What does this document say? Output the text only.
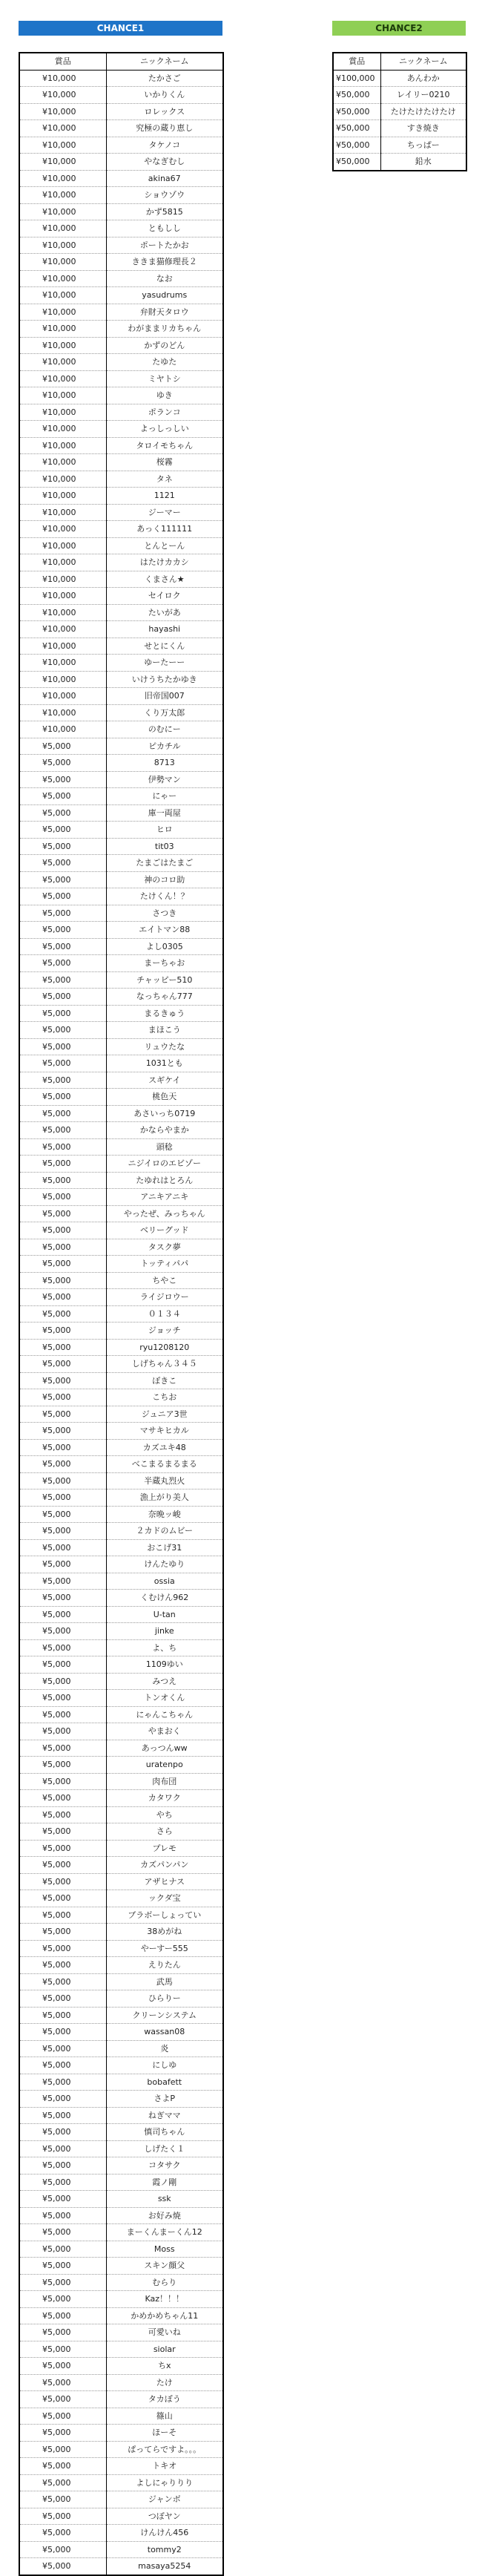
CHANCE1	CHANCE2
賞品	ニックネーム
¥10,000	たかさご
¥10,000	いかりくん
¥10,000	ロレックス
¥10,000	究極の蔵り恵し
¥10,000	タケノコ
¥10,000	やなぎむし
¥10,000	akina67
¥10,000	ショウゾウ
¥10,000	かず5815
¥10,000	ともしし
¥10,000	ポートたかお
¥10,000	ききま猫修理長２
¥10,000	なお
¥10,000	yasudrums
¥10,000	弁財天タロウ
¥10,000	わがままリカちゃん
¥10,000	かずのどん
¥10,000	たゆた
¥10,000	ミヤトシ
¥10,000	ゆき
¥10,000	ポランコ
¥10,000	よっしっしい
¥10,000	タロイモちゃん
¥10,000	桜霧
¥10,000	タネ
¥10,000	1121
¥10,000	ジーマー
¥10,000	あっく111111
¥10,000	とんとーん
¥10,000	はたけカカシ
¥10,000	くまさん★
¥10,000	セイロク
¥10,000	たいがあ
¥10,000	hayashi
¥10,000	せとにくん
¥10,000	ゆーたーー
¥10,000	いけうちたかゆき
¥10,000	旧帝国007
¥10,000	くり万太郎
¥10,000	のむにー
¥5,000	ピカチル
¥5,000	8713
¥5,000	伊勢マン
¥5,000	にゃー
¥5,000	庫一両屋
¥5,000	ヒロ
¥5,000	tit03
¥5,000	たまごはたまご
¥5,000	神のコロ助
¥5,000	たけくん！？
¥5,000	さつき
¥5,000	エイトマン88
¥5,000	よし0305
¥5,000	まーちゃお
¥5,000	チャッピー510
¥5,000	なっちゃん777
¥5,000	まるきゅう
¥5,000	まほこう
¥5,000	リュウたな
¥5,000	1031とも
¥5,000	スギケイ
¥5,000	桃色天
¥5,000	あさいっち0719
¥5,000	かならやまか
¥5,000	頭稔
¥5,000	ニジイロのエビゾー
¥5,000	たゆれはとろん
¥5,000	アニキアニキ
¥5,000	やったぜ、みっちゃん
¥5,000	ベリーグッド
¥5,000	タスク夢
¥5,000	トッティパパ
¥5,000	ちやこ
¥5,000	ライジロウー
¥5,000	０１３４
¥5,000	ジョッチ
¥5,000	ryu1208120
¥5,000	しげちゃん３４５
¥5,000	ぽきこ
¥5,000	こちお
¥5,000	ジュニア3世
¥5,000	マサキヒカル
¥5,000	カズユキ48
¥5,000	べこまるまるまる
¥5,000	半蔵丸烈火
¥5,000	漁上がり美人
¥5,000	奈晩ッ峻
¥5,000	２カドのムビー
¥5,000	おこげ31
¥5,000	けんたゆり
¥5,000	ossia
¥5,000	くむけん962
¥5,000	U-tan
¥5,000	jinke
¥5,000	よ、ち
¥5,000	1109ゆい
¥5,000	みつえ
¥5,000	トンオくん
¥5,000	にゃんこちゃん
¥5,000	やまおく
¥5,000	あっつんww
¥5,000	uratenpo
¥5,000	肉布団
¥5,000	カタワク
¥5,000	やち
¥5,000	さら
¥5,000	プレモ
¥5,000	カズパンパン
¥5,000	アザヒナス
¥5,000	ックダ宝
¥5,000	ブラボーしょってい
¥5,000	38めがね
¥5,000	やーすー555
¥5,000	えりたん
¥5,000	武馬
¥5,000	ひらりー
¥5,000	クリーンシステム
¥5,000	wassan08
¥5,000	炎
¥5,000	にしゆ
¥5,000	bobafett
¥5,000	さよP
¥5,000	ねぎママ
¥5,000	慎司ちゃん
¥5,000	しげたく１
¥5,000	コタサク
¥5,000	霞ノ剛
¥5,000	ssk
¥5,000	お好み焼
¥5,000	まーくんまーくん12
¥5,000	Moss
¥5,000	スキン顔父
¥5,000	むらり
¥5,000	Kaz！！！
¥5,000	かめかめちゃん11
¥5,000	可愛いね
¥5,000	siolar
¥5,000	ちx
¥5,000	たけ
¥5,000	タカぼう
¥5,000	篠山
¥5,000	ほーそ
¥5,000	ぱってらですよ。。。
¥5,000	トキオ
¥5,000	よしにゃりりり
¥5,000	ジャンボ
¥5,000	つぼヤン
¥5,000	けんけん456
¥5,000	tommy2
¥5,000	masaya5254
賞品	ニックネーム
¥100,000	あんわか
¥50,000	レイリー0210
¥50,000	たけたけたけたけ
¥50,000	すき焼き
¥50,000	ちっぱー
¥50,000	鉛水
